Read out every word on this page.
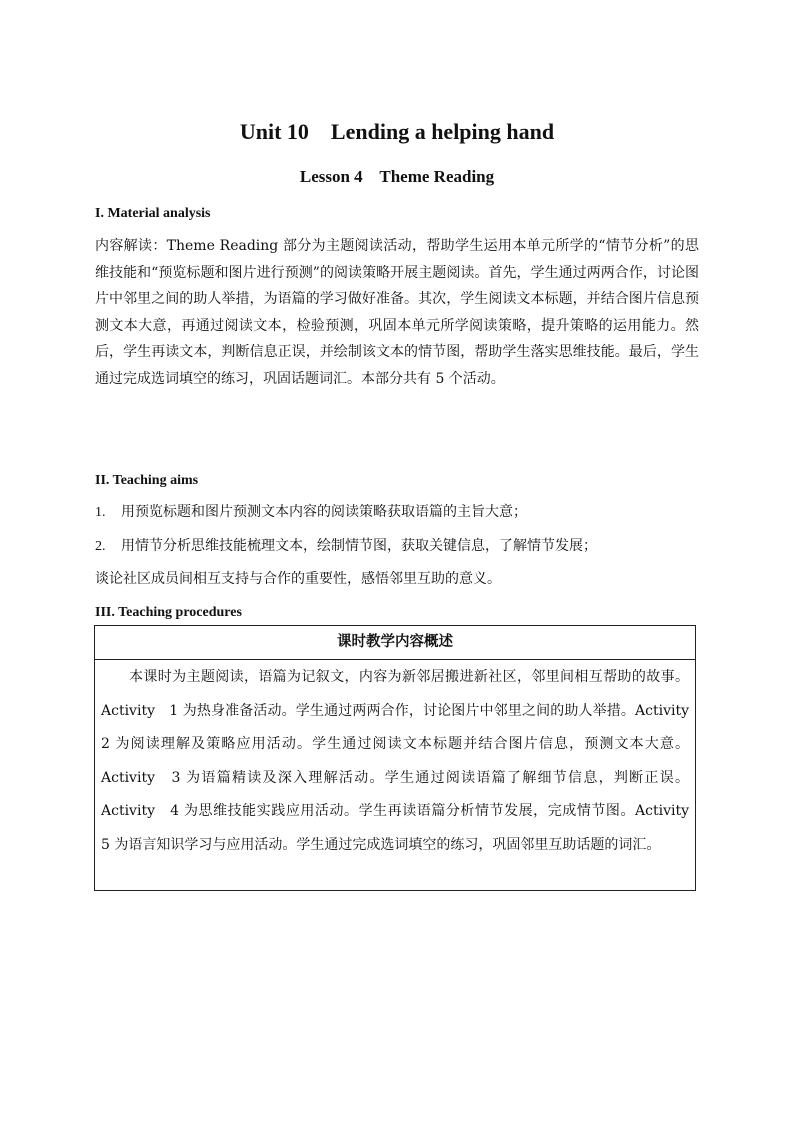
Unit 10    Lending a helping hand
Lesson 4    Theme Reading
I. Material analysis
内容解读：Theme Reading 部分为主题阅读活动，帮助学生运用本单元所学的“情节分析”的思维技能和“预览标题和图片进行预测”的阅读策略开展主题阅读。首先，学生通过两两合作，讨论图片中邻里之间的助人举措，为语篇的学习做好准备。其次，学生阅读文本标题，并结合图片信息预测文本大意，再通过阅读文本，检验预测，巩固本单元所学阅读策略，提升策略的运用能力。然后，学生再读文本，判断信息正误，并绘制该文本的情节图，帮助学生落实思维技能。最后，学生通过完成选词填空的练习，巩固话题词汇。本部分共有 5 个活动。
II. Teaching aims
1. 用预览标题和图片预测文本内容的阅读策略获取语篇的主旨大意；
2. 用情节分析思维技能梳理文本，绘制情节图，获取关键信息，了解情节发展；
谈论社区成员间相互支持与合作的重要性，感悟邻里互助的意义。
III. Teaching procedures
课时教学内容概述
本课时为主题阅读，语篇为记叙文，内容为新邻居搬进新社区，邻里间相互帮助的故事。Activity　1 为热身准备活动。学生通过两两合作，讨论图片中邻里之间的助人举措。Activity　2 为阅读理解及策略应用活动。学生通过阅读文本标题并结合图片信息，预测文本大意。Activity　3 为语篇精读及深入理解活动。学生通过阅读语篇了解细节信息，判断正误。Activity　4 为思维技能实践应用活动。学生再读语篇分析情节发展，完成情节图。Activity　5 为语言知识学习与应用活动。学生通过完成选词填空的练习，巩固邻里互助话题的词汇。
